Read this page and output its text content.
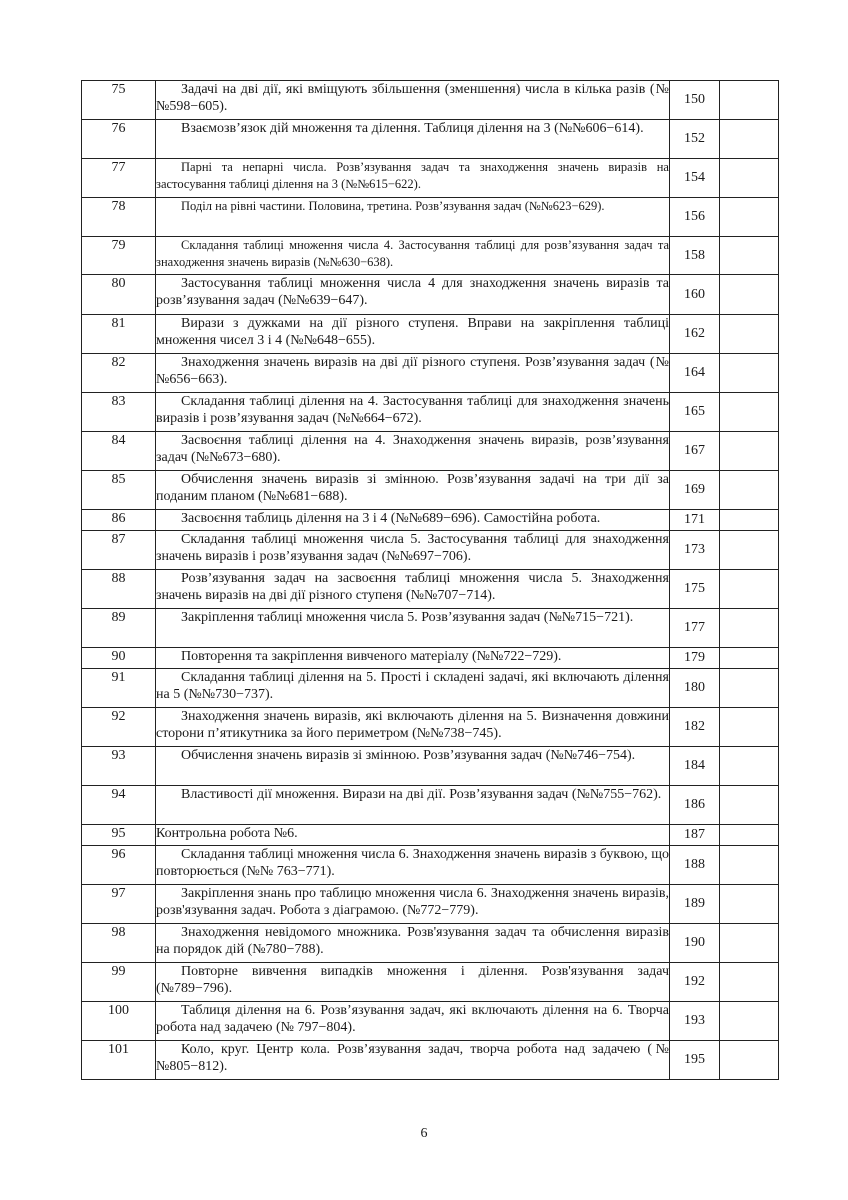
75	Задачі на дві дії, які вміщують збільшення (зменшення) числа в кілька разів (№№598−605).	150	
76	Взаємозв’язок дій множення та ділення. Таблиця ділення на 3 (№№606−614).	152	
77	Парні та непарні числа. Розв’язування задач та знаходження значень виразів на застосування таблиці ділення на 3 (№№615−622).	154	
78	Поділ на рівні частини. Половина, третина. Розв’язування задач (№№623−629).	156	
79	Складання таблиці множення числа 4. Застосування таблиці для розв’язування задач та знаходження значень виразів (№№630−638).	158	
80	Застосування таблиці множення числа 4 для знаходження значень виразів та розв’язування задач (№№639−647).	160	
81	Вирази з дужками на дії різного ступеня. Вправи на закріплення таблиці множення чисел 3 і 4 (№№648−655).	162	
82	Знаходження значень виразів на дві дії різного ступеня. Розв’язування задач (№№656−663).	164	
83	Складання таблиці ділення на 4. Застосування таблиці для знаходження значень виразів і розв’язування задач (№№664−672).	165	
84	Засвоєння таблиці ділення на 4. Знаходження значень виразів, розв’язування задач (№№673−680).	167	
85	Обчислення значень виразів зі змінною. Розв’язування задачі на три дії за поданим планом (№№681−688).	169	
86	Засвоєння таблиць ділення на 3 і 4 (№№689−696). Самостійна робота.	171	
87	Складання таблиці множення числа 5. Застосування таблиці для знаходження значень виразів і розв’язування задач (№№697−706).	173	
88	Розв’язування задач на засвоєння таблиці множення числа 5. Знаходження значень виразів на дві дії різного ступеня (№№707−714).	175	
89	Закріплення таблиці множення числа 5. Розв’язування задач (№№715−721).	177	
90	Повторення та закріплення вивченого матеріалу (№№722−729).	179	
91	Складання таблиці ділення на 5. Прості і складені задачі, які включають ділення на 5 (№№730−737).	180	
92	Знаходження значень виразів, які включають ділення на 5. Визначення довжини сторони п’ятикутника за його периметром (№№738−745).	182	
93	Обчислення значень виразів зі змінною. Розв’язування задач (№№746−754).	184	
94	Властивості дії множення. Вирази на дві дії. Розв’язування задач (№№755−762).	186	
95	Контрольна робота №6.	187	
96	Складання таблиці множення числа 6. Знаходження значень виразів з буквою, що повторюється (№№ 763−771).	188	
97	Закріплення знань про таблицю множення числа 6. Знаходження значень виразів, розв'язування задач. Робота з діаграмою. (№772−779).	189	
98	Знаходження невідомого множника. Розв'язування задач та обчислення виразів на порядок дій (№780−788).	190	
99	Повторне вивчення випадків множення і ділення. Розв'язування задач (№789−796).	192	
100	Таблиця ділення на 6. Розв’язування задач, які включають ділення на 6. Творча робота над задачею (№ 797−804).	193	
101	Коло, круг. Центр кола. Розв’язування задач, творча робота над задачею (№№805−812).	195	
6
